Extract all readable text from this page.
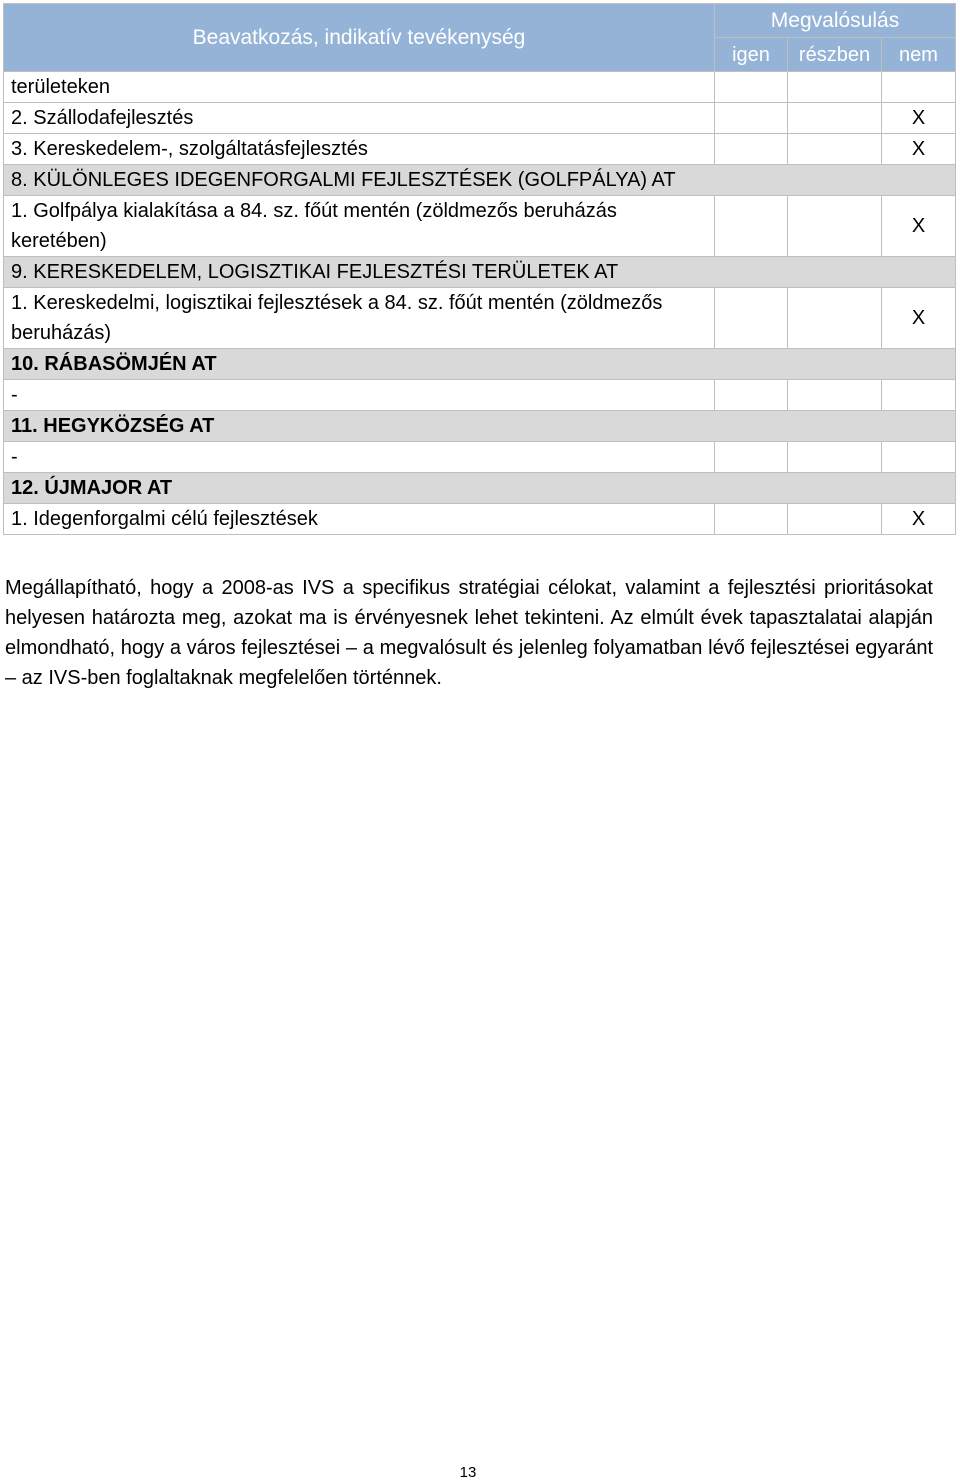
Beavatkozás, indikatív tevékenység	Megvalósulás		
	igen	részben	nem
területeken			
2. Szállodafejlesztés			X
3. Kereskedelem-, szolgáltatásfejlesztés			X
8. KÜLÖNLEGES IDEGENFORGALMI FEJLESZTÉSEK (GOLFPÁLYA) AT			
1. Golfpálya kialakítása a 84. sz. főút mentén (zöldmezős beruházás keretében)			X
9. KERESKEDELEM, LOGISZTIKAI FEJLESZTÉSI TERÜLETEK AT			
1. Kereskedelmi, logisztikai fejlesztések a 84. sz. főút mentén (zöldmezős beruházás)			X
10. RÁBASÖMJÉN AT			
-			
11. HEGYKÖZSÉG AT			
-			
12. ÚJMAJOR AT			
1. Idegenforgalmi célú fejlesztések			X

Megállapítható, hogy a 2008-as IVS a specifikus stratégiai célokat, valamint a fejlesztési prioritásokat helyesen határozta meg, azokat ma is érvényesnek lehet tekinteni. Az elmúlt évek tapasztalatai alapján elmondható, hogy a város fejlesztései – a megvalósult és jelenleg folyamatban lévő fejlesztései egyaránt – az IVS-ben foglaltaknak megfelelően történnek.

13
